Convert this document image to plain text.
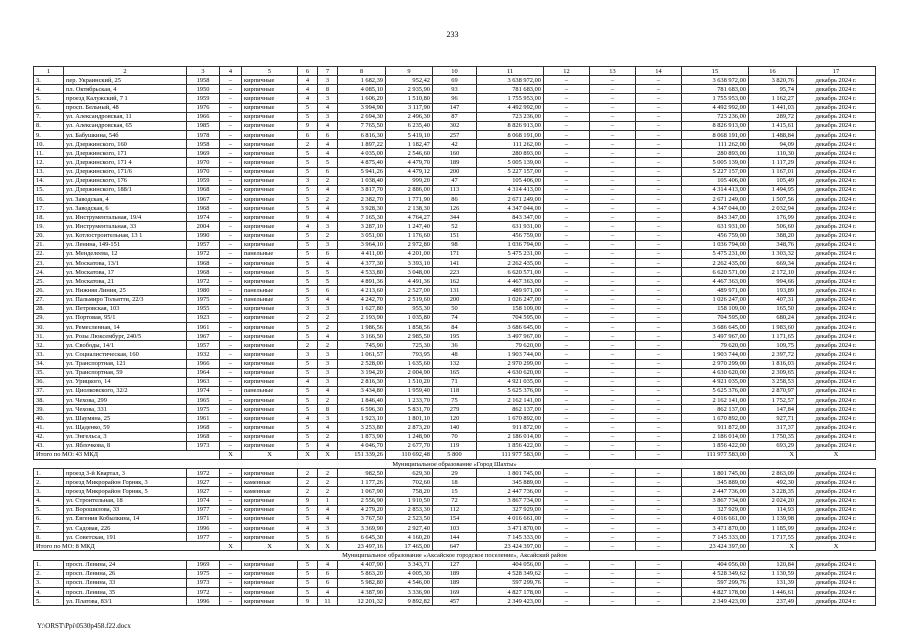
233
1	2	3	4	5	6	7	8	9	10	11	12	13	14	15	16	17
3.	пер. Украинский, 25	1958	–	кирпичные	4	3	1 682,39	952,42	69	3 638 972,00	–	–	–	3 638 972,00	3 820,76	декабрь 2024 г.
4.	пл. Октябрьская, 4	1950	–	кирпичные	4	8	4 085,10	2 935,90	93	781 683,00	–	–	–	781 683,00	95,74	декабрь 2024 г.
5.	проезд Калужский, 7 1	1959	–	кирпичные	4	3	1 606,20	1 510,80	96	1 755 953,00	–	–	–	1 755 953,00	1 162,27	декабрь 2024 г.
6.	просп. Бельный, 48	1976	–	кирпичные	5	4	3 994,90	3 117,90	147	4 492 992,00	–	–	–	4 492 992,00	1 441,03	декабрь 2024 г.
7.	ул. Александровская, 11	1966	–	кирпичные	5	3	2 694,30	2 496,30	87	723 236,00	–	–	–	723 236,00	289,72	декабрь 2024 г.
8.	ул. Александровская, 65	1985	–	кирпичные	9	4	7 765,50	6 235,40	302	8 826 913,00	–	–	–	8 826 913,00	1 415,61	декабрь 2024 г.
9.	ул. Бабушкина, 54б	1978	–	кирпичные	6	6	6 816,30	5 419,10	257	8 068 191,00	–	–	–	8 068 191,00	1 488,84	декабрь 2024 г.
10.	ул. Дзержинского, 160	1958	–	кирпичные	2	4	1 897,22	1 182,47	42	111 262,00	–	–	–	111 262,00	94,09	декабрь 2024 г.
11.	ул. Дзержинского, 171	1969	–	кирпичные	5	4	4 035,00	2 546,60	160	280 893,00	–	–	–	280 893,00	110,30	декабрь 2024 г.
12.	ул. Дзержинского, 171 4	1970	–	кирпичные	5	5	4 875,40	4 479,70	189	5 005 139,00	–	–	–	5 005 139,00	1 117,29	декабрь 2024 г.
13.	ул. Дзержинского, 171/6	1970	–	кирпичные	5	6	5 941,26	4 479,12	200	5 227 157,00	–	–	–	5 227 157,00	1 167,01	декабрь 2024 г.
14.	ул. Дзержинского, 176	1959	–	кирпичные	3	2	1 038,40	999,20	47	105 406,00	–	–	–	105 406,00	105,49	декабрь 2024 г.
15.	ул. Дзержинского, 188/1	1968	–	кирпичные	5	4	3 817,70	2 886,00	113	4 314 413,00	–	–	–	4 314 413,00	1 494,95	декабрь 2024 г.
16.	ул. Заводская, 4	1967	–	кирпичные	5	2	2 382,70	1 771,90	86	2 671 249,00	–	–	–	2 671 249,00	1 507,56	декабрь 2024 г.
17.	ул. Заводская, 6	1968	–	кирпичные	5	4	3 928,30	2 138,30	126	4 347 044,00	–	–	–	4 347 044,00	2 032,94	декабрь 2024 г.
18.	ул. Инструментальная, 19/4	1974	–	кирпичные	9	4	7 165,30	4 764,27	344	843 347,00	–	–	–	843 347,00	176,99	декабрь 2024 г.
19.	ул. Инструментальная, 33	2004	–	кирпичные	4	3	3 287,10	1 247,40	52	631 931,00	–	–	–	631 931,00	506,60	декабрь 2024 г.
20.	ул. Котлостроительная, 13 1	1990	–	кирпичные	5	2	3 051,00	1 176,60	151	456 759,00	–	–	–	456 759,00	388,20	декабрь 2024 г.
21.	ул. Ленина, 149-151	1957	–	кирпичные	5	3	3 964,10	2 972,80	98	1 036 794,00	–	–	–	1 036 794,00	348,76	декабрь 2024 г.
22.	ул. Менделеева, 12	1972	–	панельные	5	6	4 411,00	4 201,00	171	5 475 231,00	–	–	–	5 475 231,00	1 303,32	декабрь 2024 г.
23.	ул. Москатова, 13/1	1968	–	кирпичные	5	4	4 377,30	3 393,10	141	2 262 435,00	–	–	–	2 262 435,00	669,34	декабрь 2024 г.
24.	ул. Москатова, 17	1968	–	кирпичные	5	5	4 533,80	3 048,00	223	6 620 571,00	–	–	–	6 620 571,00	2 172,10	декабрь 2024 г.
25.	ул. Москатова, 21	1972	–	кирпичные	5	5	4 891,36	4 491,36	162	4 467 363,00	–	–	–	4 467 363,00	994,66	декабрь 2024 г.
26.	ул. Нижняя Линия, 25	1980	–	панельные	5	6	4 213,60	2 527,00	131	489 971,00	–	–	–	489 971,00	193,89	декабрь 2024 г.
27.	ул. Пальмиро Тольятти, 22/3	1975	–	панельные	5	4	4 242,70	2 519,60	200	1 026 247,00	–	–	–	1 026 247,00	407,31	декабрь 2024 г.
28.	ул. Петровская, 103	1955	–	кирпичные	3	3	1 627,80	955,30	50	158 109,00	–	–	–	158 109,00	165,50	декабрь 2024 г.
29.	ул. Портовая, 95/1	1923	–	кирпичные	2	2	2 193,90	1 035,80	74	704 595,00	–	–	–	704 595,00	680,24	декабрь 2024 г.
30.	ул. Ремесленная, 14	1961	–	кирпичные	5	2	1 986,56	1 858,56	84	3 686 645,00	–	–	–	3 686 645,00	1 983,60	декабрь 2024 г.
31.	ул. Розы Люксембург, 240/5	1967	–	кирпичные	5	4	3 166,50	2 985,50	195	3 497 967,00	–	–	–	3 497 967,00	1 171,65	декабрь 2024 г.
32.	ул. Свободы, 14/1	1957	–	кирпичные	2	2	745,90	725,30	36	79 620,00	–	–	–	79 620,00	109,75	декабрь 2024 г.
33.	ул. Социалистическая, 160	1932	–	кирпичные	3	3	1 061,57	793,95	48	1 903 744,00	–	–	–	1 903 744,00	2 397,72	декабрь 2024 г.
34.	ул. Транспортная, 121	1966	–	кирпичные	5	3	2 528,00	1 635,60	132	2 970 299,00	–	–	–	2 970 299,00	1 816,03	декабрь 2024 г.
35.	ул. Транспортная, 59	1964	–	кирпичные	5	3	3 194,20	2 004,90	165	4 630 620,00	–	–	–	4 630 620,00	2 309,65	декабрь 2024 г.
36.	ул. Урицкого, 14	1963	–	кирпичные	4	3	2 816,30	1 510,20	71	4 921 035,00	–	–	–	4 921 035,00	3 258,53	декабрь 2024 г.
37.	ул. Циолковского, 32/2	1974	–	панельные	5	4	3 434,80	1 959,40	118	5 625 376,00	–	–	–	5 625 376,00	2 870,97	декабрь 2024 г.
38.	ул. Чехова, 299	1965	–	кирпичные	5	2	1 846,40	1 233,70	75	2 162 141,00	–	–	–	2 162 141,00	1 752,57	декабрь 2024 г.
39.	ул. Чехова, 331	1975	–	кирпичные	5	8	6 596,30	5 831,70	279	862 137,00	–	–	–	862 137,00	147,84	декабрь 2024 г.
40.	ул. Шаумяна, 25	1961	–	кирпичные	4	3	1 923,10	1 801,10	120	1 670 892,00	–	–	–	1 670 892,00	927,71	декабрь 2024 г.
41.	ул. Щаденко, 59	1968	–	кирпичные	5	4	3 253,80	2 873,20	140	911 872,00	–	–	–	911 872,00	317,37	декабрь 2024 г.
42.	ул. Энгельса, 3	1968	–	кирпичные	5	2	1 873,90	1 248,90	70	2 186 014,00	–	–	–	2 186 014,00	1 750,35	декабрь 2024 г.
43.	ул. Яблочкова, 8	1973	–	кирпичные	5	4	4 046,70	2 677,70	119	1 856 422,00	–	–	–	1 856 422,00	693,29	декабрь 2024 г.
Итого по МО: 43 МКД			X	X	X	X	151 339,26	110 692,48	5 800	111 977 583,00	–	–	–	111 977 583,00	X	X
Муниципальное образование «Город Шахты»																
1.	проезд 3-й Квартал, 3	1972	–	кирпичные	2	2	982,50	629,30	29	1 801 745,00	–	–	–	1 801 745,00	2 863,09	декабрь 2024 г.
2.	проезд Микрорайон Горняк, 3	1927	–	каменные	2	2	1 177,26	702,60	18	345 889,00	–	–	–	345 889,00	492,30	декабрь 2024 г.
3.	проезд Микрорайон Горняк, 5	1927	–	каменные	2	2	1 067,90	758,20	15	2 447 736,00	–	–	–	2 447 736,00	3 228,35	декабрь 2024 г.
4.	ул. Строительная, 18	1974	–	кирпичные	9	1	2 556,90	1 910,50	72	3 867 734,00	–	–	–	3 867 734,00	2 024,20	декабрь 2024 г.
5.	ул. Ворошилова, 33	1977	–	кирпичные	5	4	4 279,20	2 853,30	112	327 929,00	–	–	–	327 929,00	114,93	декабрь 2024 г.
6.	ул. Евгения Кобылкина, 14	1971	–	кирпичные	5	4	3 767,50	2 523,50	154	4 016 661,00	–	–	–	4 016 661,00	1 139,98	декабрь 2024 г.
7.	ул. Садовая, 226	1996	–	кирпичные	4	3	3 369,90	2 927,40	103	3 471 870,00	–	–	–	3 471 870,00	1 185,99	декабрь 2024 г.
8.	ул. Советская, 191	1977	–	кирпичные	5	6	6 645,30	4 160,20	144	7 145 333,00	–	–	–	7 145 333,00	1 717,55	декабрь 2024 г.
Итого по МО: 8 МКД			X	X	X	X	23 497,16	17 465,00	647	23 424 397,00	–	–	–	23 424 397,00	X	X
Муниципальное образование «Аксайское городское поселение», Аксайский район																
1.	просп. Ленина, 24	1969	–	кирпичные	5	4	4 407,90	3 343,71	127	404 056,00	–	–	–	404 056,00	120,84	декабрь 2024 г.
2.	просп. Ленина, 26	1975	–	кирпичные	5	6	5 863,20	4 005,30	189	4 528 349,62	–	–	–	4 528 349,62	1 130,59	декабрь 2024 г.
3.	просп. Ленина, 33	1973	–	кирпичные	5	6	5 982,80	4 546,00	189	597 299,76	–	–	–	597 299,76	131,39	декабрь 2024 г.
4.	просп. Ленина, 35	1972	–	кирпичные	5	4	4 387,90	3 336,90	169	4 827 178,00	–	–	–	4 827 178,00	1 446,61	декабрь 2024 г.
5.	ул. Платова, 83/1	1996	–	кирпичные	9	11	12 201,32	9 892,82	457	2 349 423,00	–	–	–	2 349 423,00	237,49	декабрь 2024 г.
Y:\ORST\Ppi\0530p458.f22.docx
